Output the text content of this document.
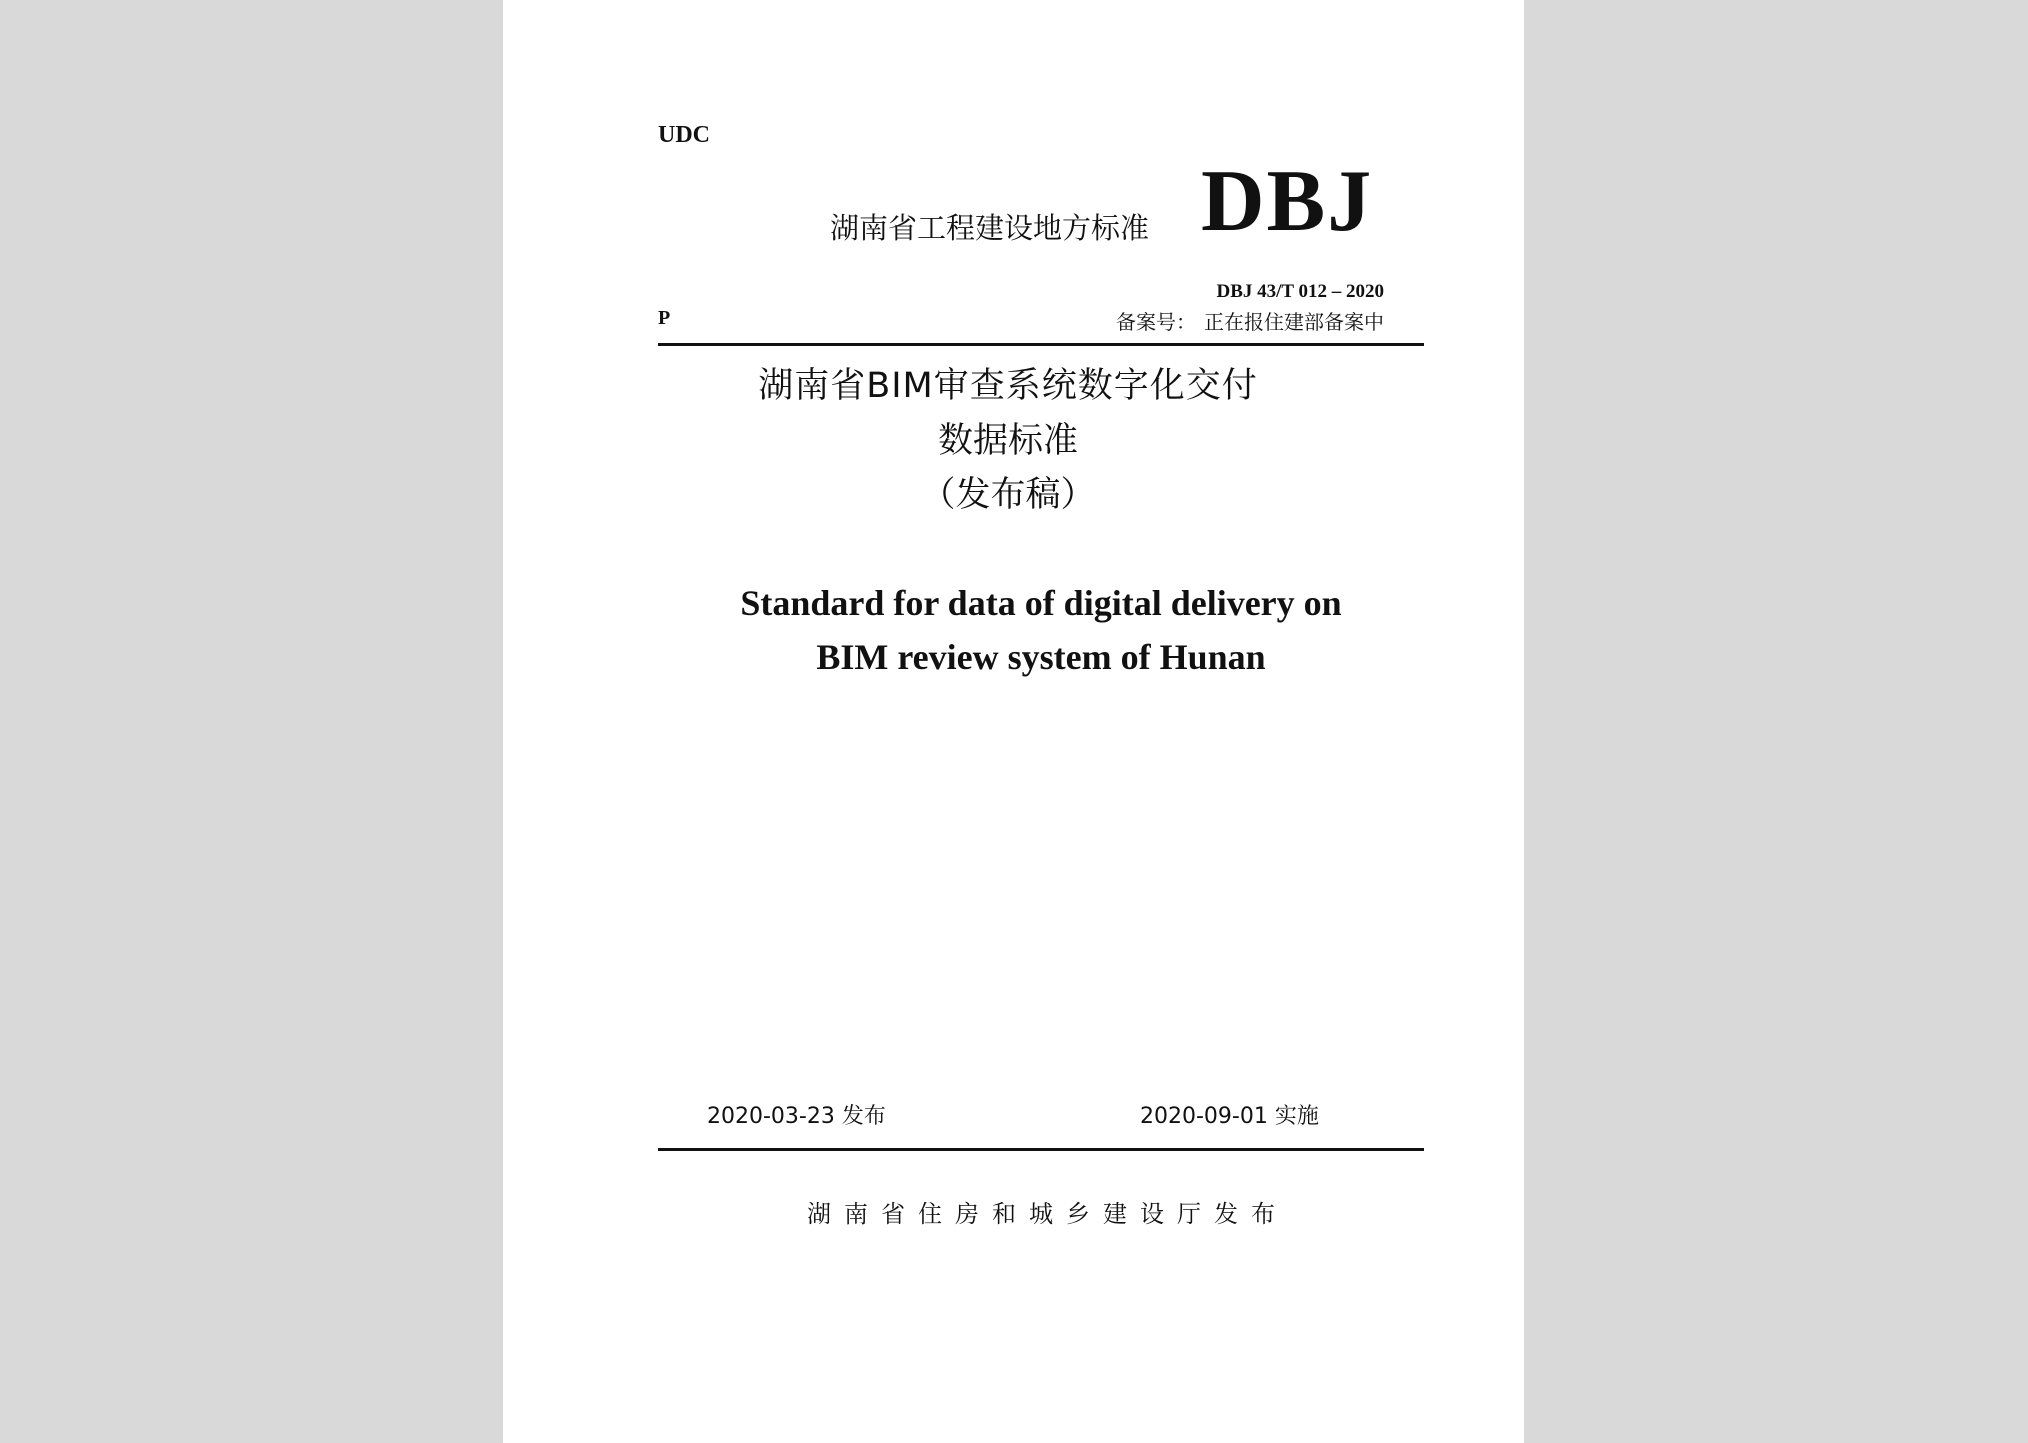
UDC
湖南省工程建设地方标准 DBJ
DBJ 43/T 012 – 2020
P	备案号： 正在报住建部备案中
湖南省BIM审查系统数字化交付
数据标准
（发布稿）
Standard for data of digital delivery on
BIM review system of Hunan
2020-03-23 发布	2020-09-01 实施
湖南省住房和城乡建设厅发布
